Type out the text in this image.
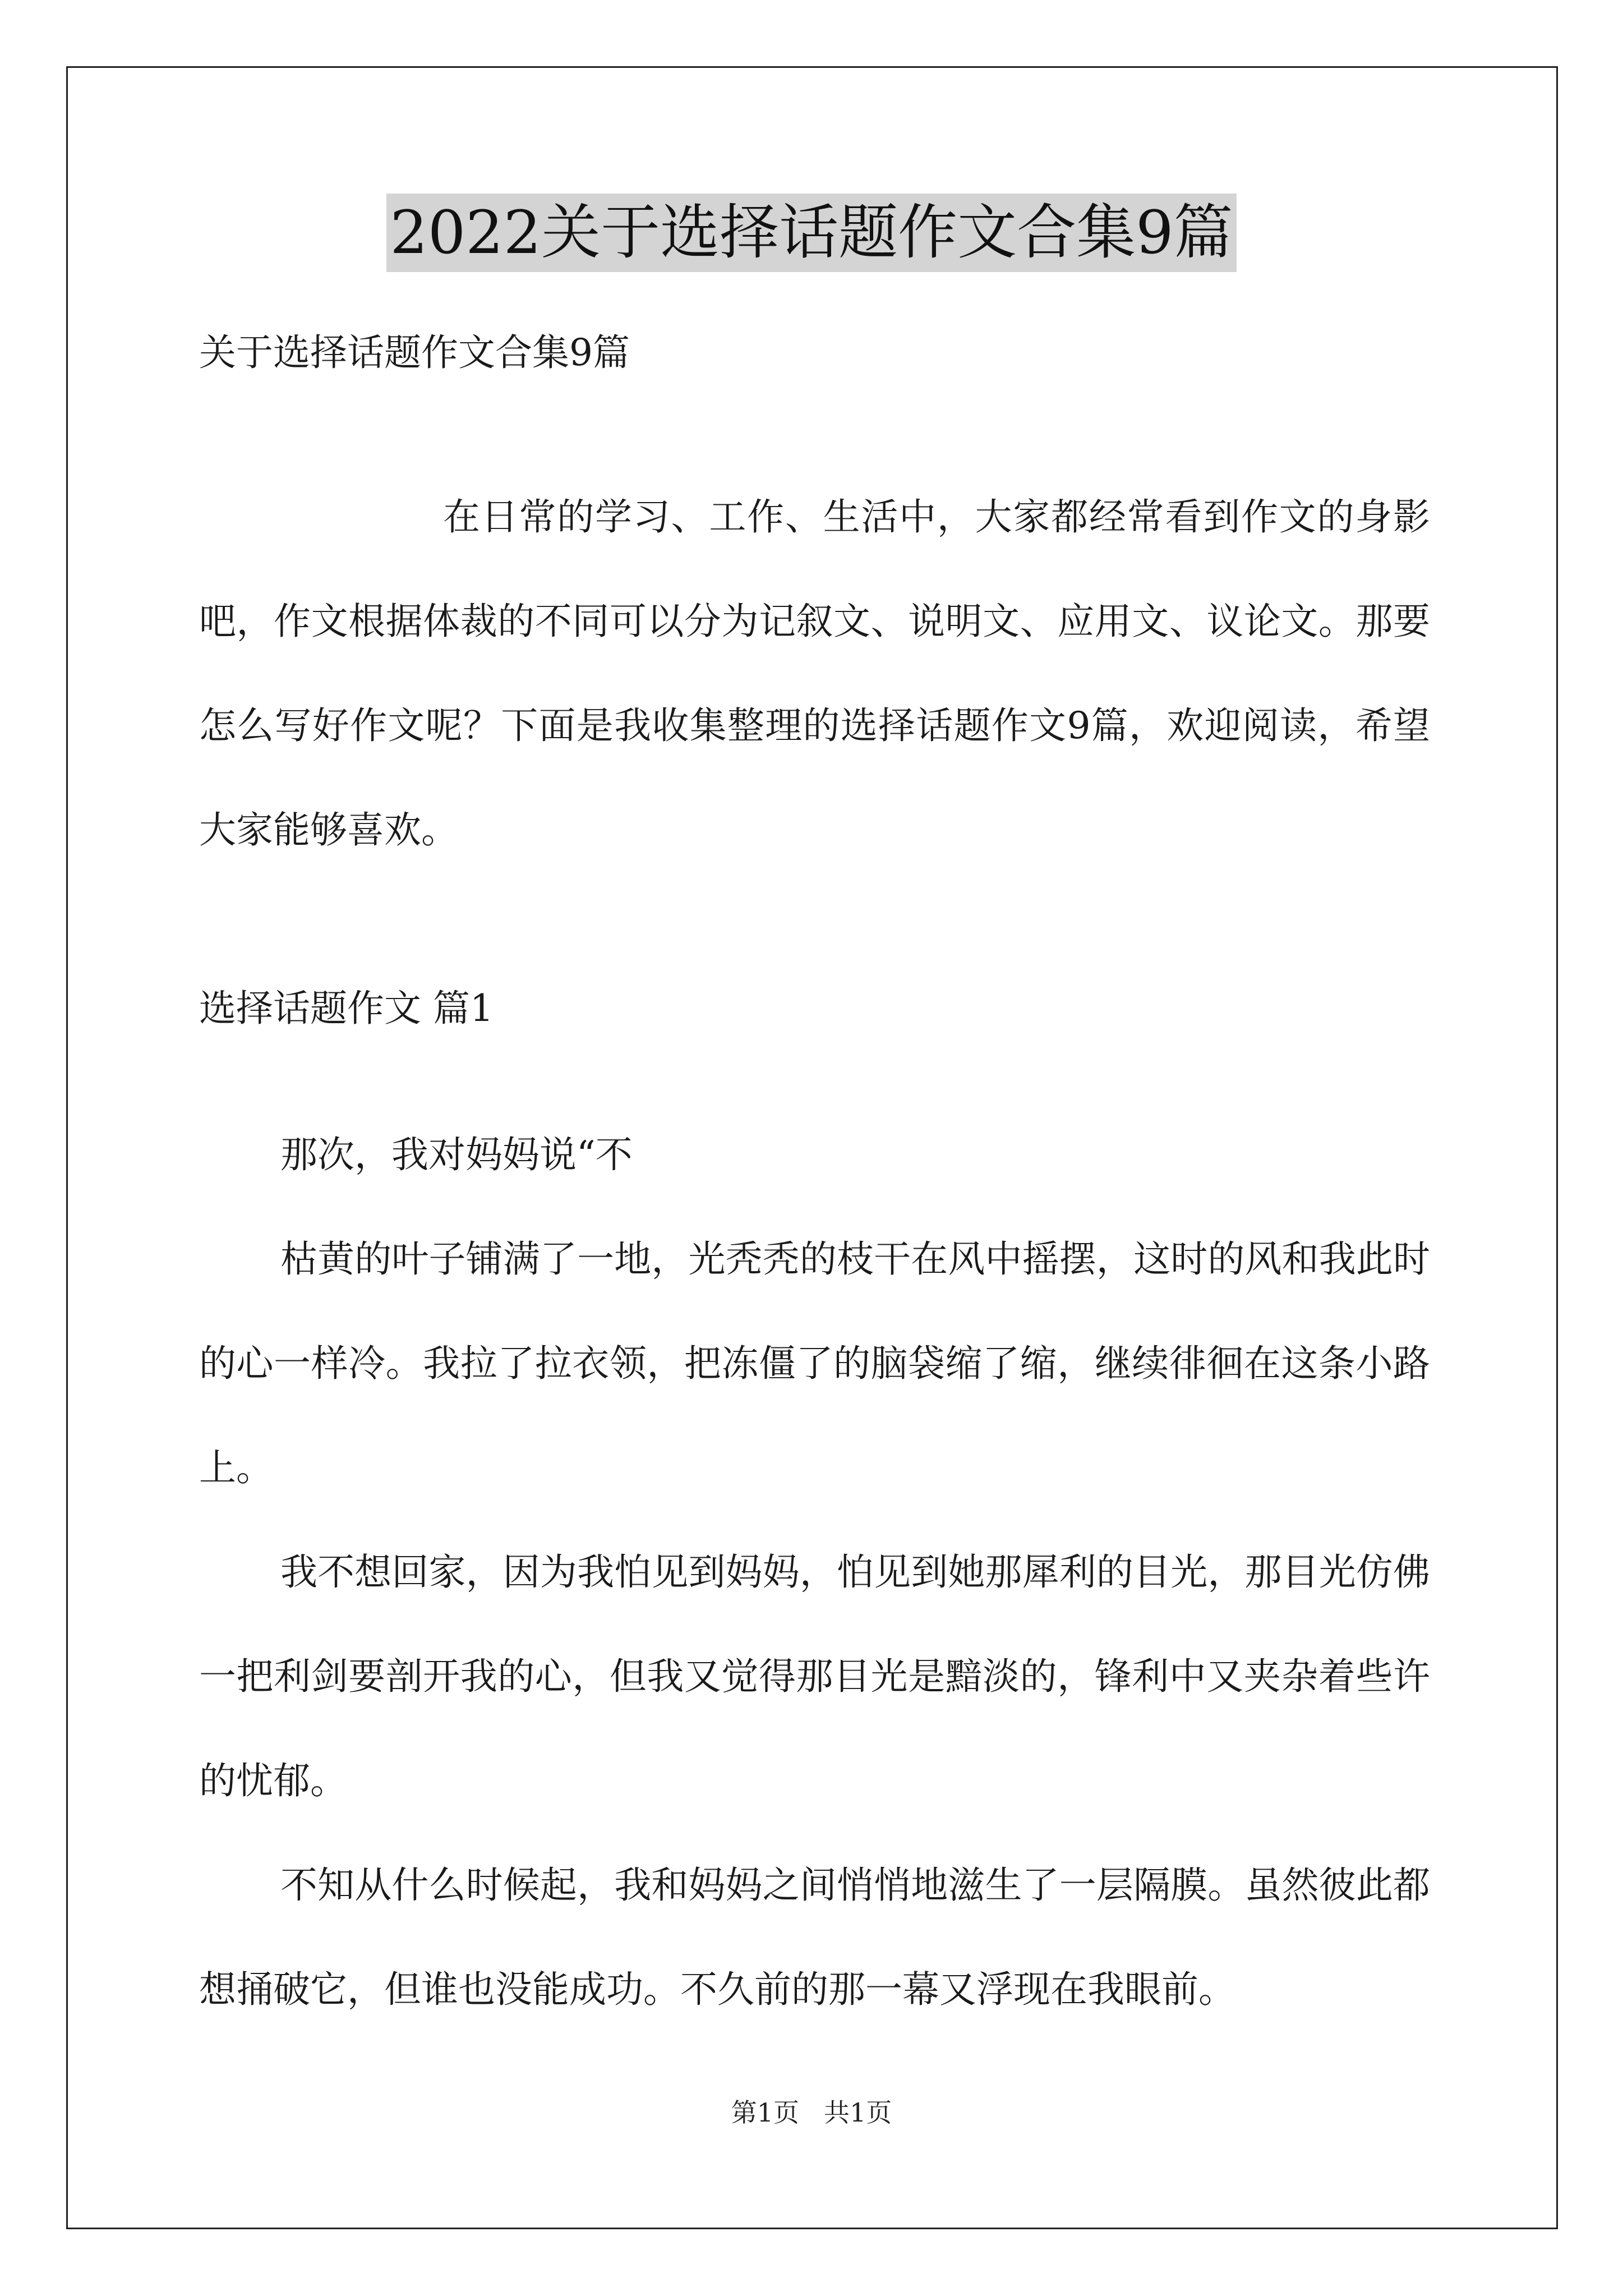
2022关于选择话题作文合集9篇

关于选择话题作文合集9篇

在日常的学习、工作、生活中，大家都经常看到作文的身影吧，作文根据体裁的不同可以分为记叙文、说明文、应用文、议论文。那要怎么写好作文呢？下面是我收集整理的选择话题作文9篇，欢迎阅读，希望大家能够喜欢。

选择话题作文 篇1

那次，我对妈妈说“不

枯黄的叶子铺满了一地，光秃秃的枝干在风中摇摆，这时的风和我此时的心一样冷。我拉了拉衣领，把冻僵了的脑袋缩了缩，继续徘徊在这条小路上。

我不想回家，因为我怕见到妈妈，怕见到她那犀利的目光，那目光仿佛一把利剑要剖开我的心，但我又觉得那目光是黯淡的，锋利中又夹杂着些许的忧郁。

不知从什么时候起，我和妈妈之间悄悄地滋生了一层隔膜。虽然彼此都想捅破它，但谁也没能成功。不久前的那一幕又浮现在我眼前。

第1页 共1页
